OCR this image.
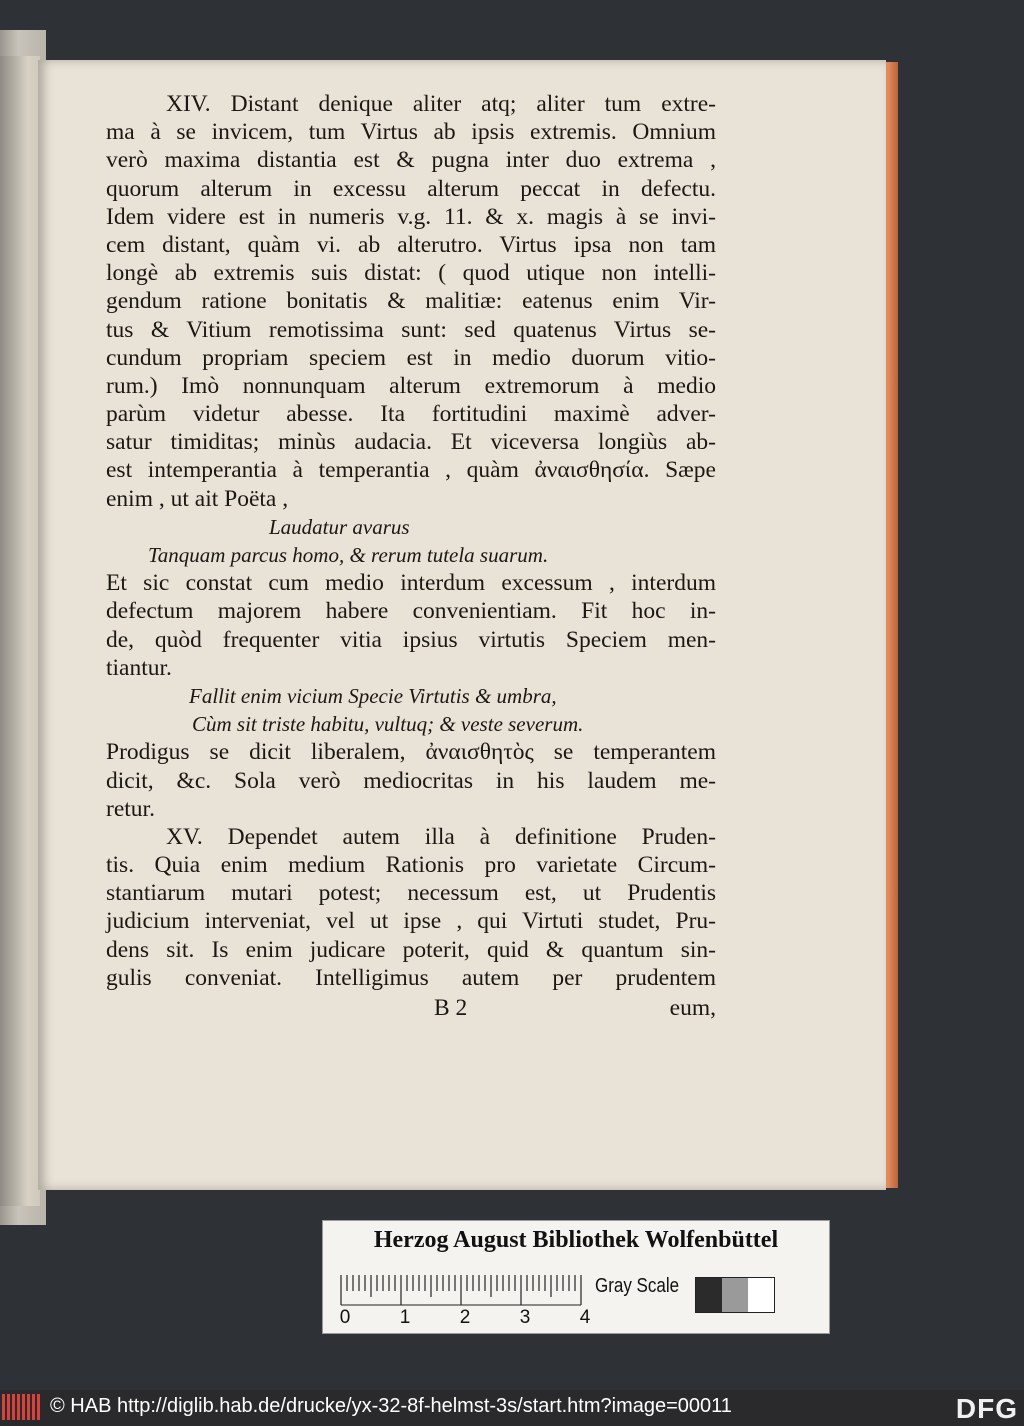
XIV. Distant denique aliter atq; aliter tum extre-
ma à se invicem, tum Virtus ab ipsis extremis. Omnium
verò maxima distantia est & pugna inter duo extrema ,
quorum alterum in excessu alterum peccat in defectu.
Idem videre est in numeris v.g. 11. & x. magis à se invi-
cem distant, quàm vi. ab alterutro. Virtus ipsa non tam
longè ab extremis suis distat: ( quod utique non intelli-
gendum ratione bonitatis & malitiæ: eatenus enim Vir-
tus & Vitium remotissima sunt: sed quatenus Virtus se-
cundum propriam speciem est in medio duorum vitio-
rum.) Imò nonnunquam alterum extremorum à medio
parùm videtur abesse. Ita fortitudini maximè adver-
satur timiditas; minùs audacia. Et viceversa longiùs ab-
est intemperantia à temperantia , quàm ἀναισθησία. Sæpe
enim , ut ait Poëta ,
Laudatur avarus
Tanquam parcus homo, & rerum tutela suarum.
Et sic constat cum medio interdum excessum , interdum
defectum majorem habere convenientiam. Fit hoc in-
de, quòd frequenter vitia ipsius virtutis Speciem men-
tiantur.
Fallit enim vicium Specie Virtutis & umbra,
Cùm sit triste habitu, vultuq; & veste severum.
Prodigus se dicit liberalem, ἀναισθητὸς se temperantem
dicit, &c. Sola verò mediocritas in his laudem me-
retur.
XV. Dependet autem illa à definitione Pruden-
tis. Quia enim medium Rationis pro varietate Circum-
stantiarum mutari potest; necessum est, ut Prudentis
judicium interveniat, vel ut ipse , qui Virtuti studet, Pru-
dens sit. Is enim judicare poterit, quid & quantum sin-
gulis conveniat. Intelligimus autem per prudentem
B 2	eum,
Herzog August Bibliothek Wolfenbüttel
0	1	2	3	4
Gray Scale
© HAB http://diglib.hab.de/drucke/yx-32-8f-helmst-3s/start.htm?image=00011	DFG
